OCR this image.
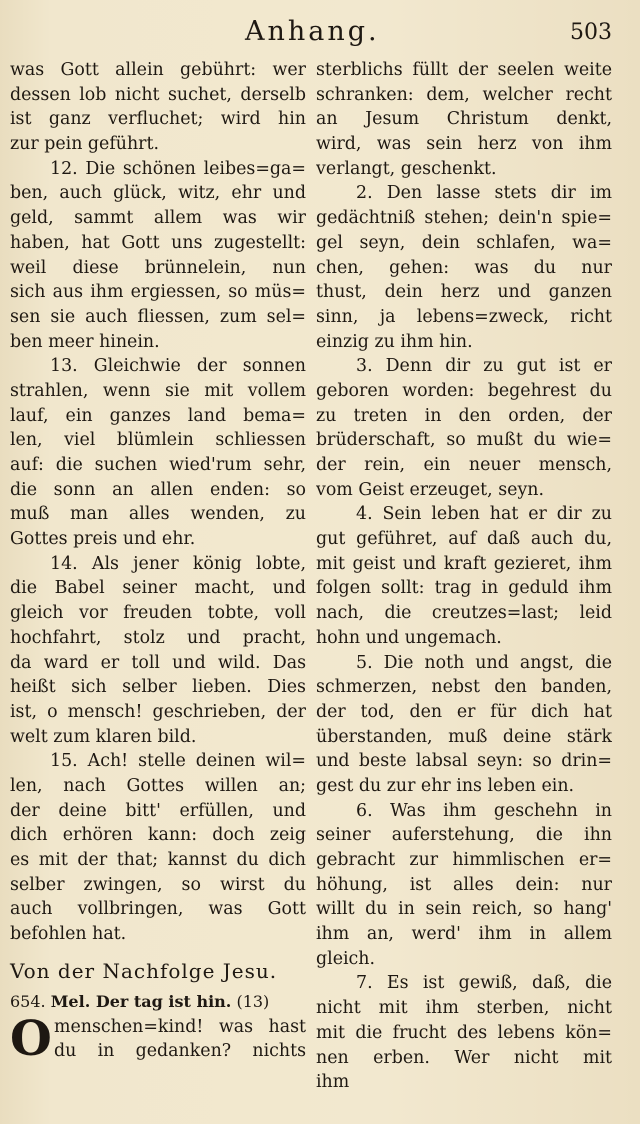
Anhang.	503
was Gott allein gebührt: wer
dessen lob nicht suchet, derselb
ist ganz verfluchet; wird hin
zur pein geführt.
12. Die schönen leibes=ga=
ben, auch glück, witz, ehr und
geld, sammt allem was wir
haben, hat Gott uns zugestellt:
weil diese brünnelein, nun
sich aus ihm ergiessen, so müs=
sen sie auch fliessen, zum sel=
ben meer hinein.
13. Gleichwie der sonnen
strahlen, wenn sie mit vollem
lauf, ein ganzes land bema=
len, viel blümlein schliessen
auf: die suchen wied'rum sehr,
die sonn an allen enden: so
muß man alles wenden, zu
Gottes preis und ehr.
14. Als jener könig lobte,
die Babel seiner macht, und
gleich vor freuden tobte, voll
hochfahrt, stolz und pracht,
da ward er toll und wild. Das
heißt sich selber lieben. Dies
ist, o mensch! geschrieben, der
welt zum klaren bild.
15. Ach! stelle deinen wil=
len, nach Gottes willen an;
der deine bitt' erfüllen, und
dich erhören kann: doch zeig
es mit der that; kannst du dich
selber zwingen, so wirst du
auch vollbringen, was Gott
befohlen hat.
Von der Nachfolge Jesu.
654. Mel. Der tag ist hin. (13)
O menschen=kind! was hast
du in gedanken? nichts
sterblichs füllt der seelen weite
schranken: dem, welcher recht
an Jesum Christum denkt,
wird, was sein herz von ihm
verlangt, geschenkt.
2. Den lasse stets dir im
gedächtniß stehen; dein'n spie=
gel seyn, dein schlafen, wa=
chen, gehen: was du nur
thust, dein herz und ganzen
sinn, ja lebens=zweck, richt
einzig zu ihm hin.
3. Denn dir zu gut ist er
geboren worden: begehrest du
zu treten in den orden, der
brüderschaft, so mußt du wie=
der rein, ein neuer mensch,
vom Geist erzeuget, seyn.
4. Sein leben hat er dir zu
gut geführet, auf daß auch du,
mit geist und kraft gezieret, ihm
folgen sollt: trag in geduld ihm
nach, die creutzes=last; leid
hohn und ungemach.
5. Die noth und angst, die
schmerzen, nebst den banden,
der tod, den er für dich hat
überstanden, muß deine stärk
und beste labsal seyn: so drin=
gest du zur ehr ins leben ein.
6. Was ihm geschehn in
seiner auferstehung, die ihn
gebracht zur himmlischen er=
höhung, ist alles dein: nur
willt du in sein reich, so hang'
ihm an, werd' ihm in allem
gleich.
7. Es ist gewiß, daß, die
nicht mit ihm sterben, nicht
mit die frucht des lebens kön=
nen erben. Wer nicht mit
ihm
